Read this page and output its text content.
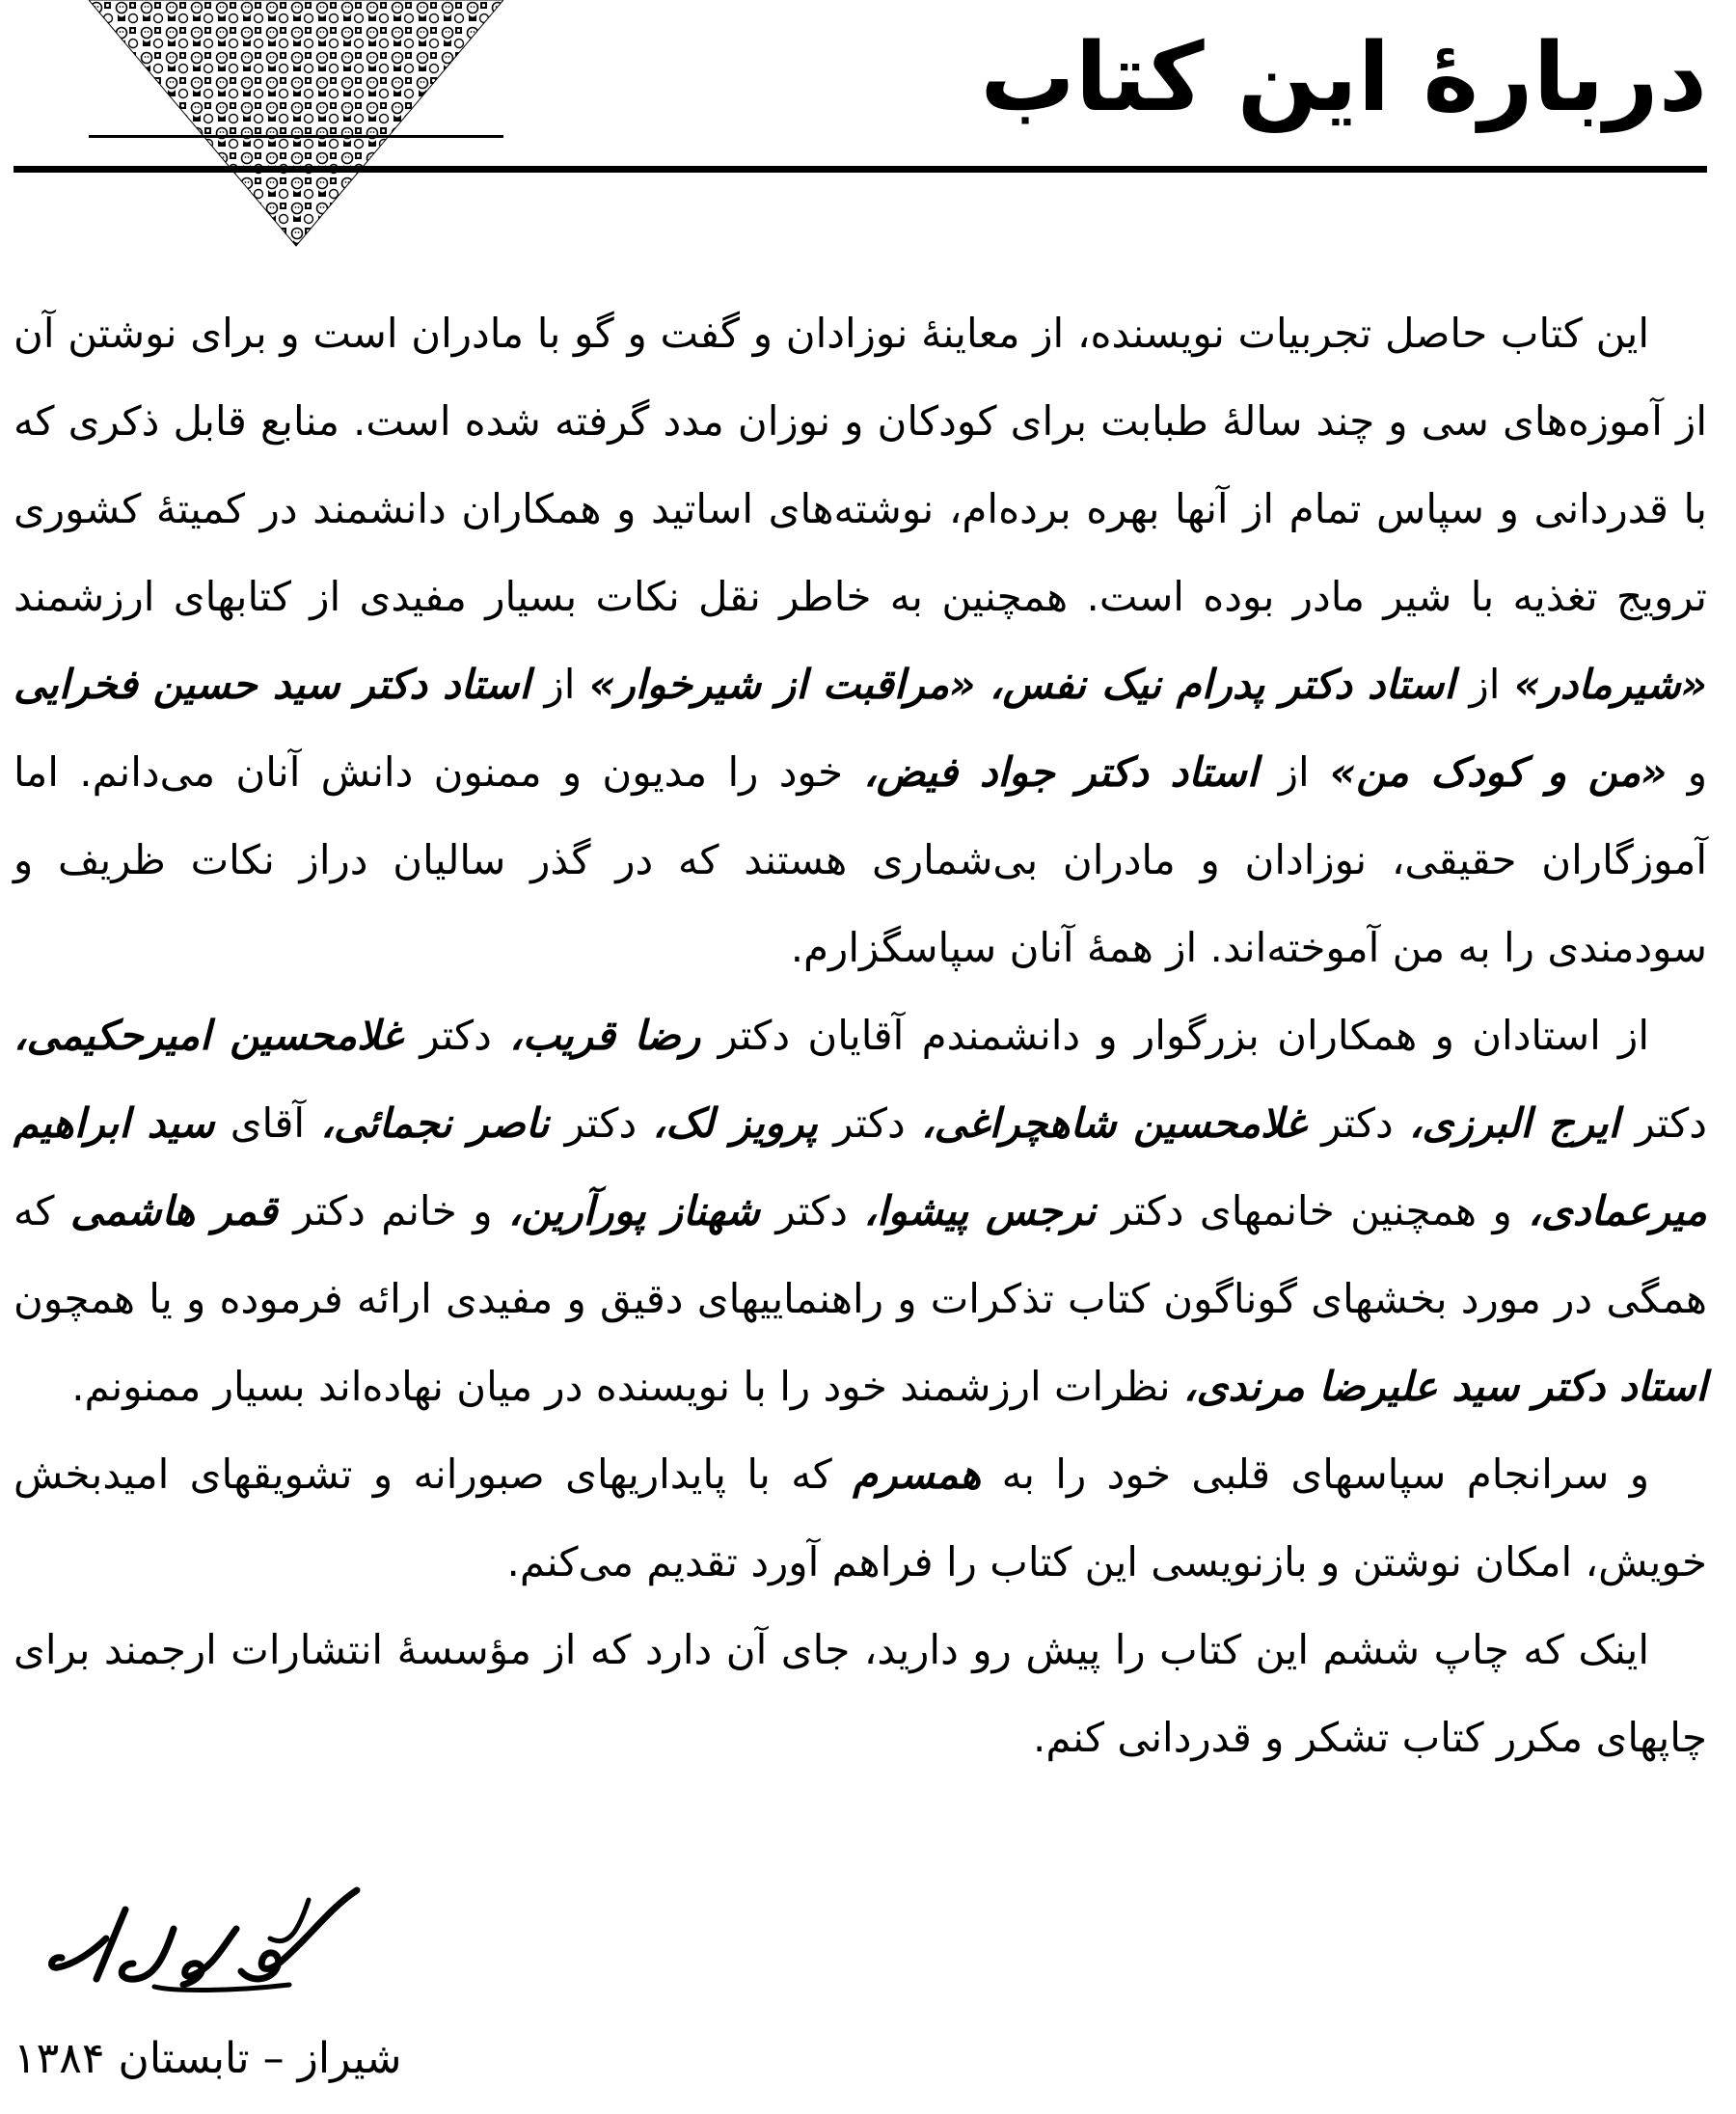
دربارهٔ این کتاب

این کتاب حاصل تجربیات نویسنده، از معاینهٔ نوزادان و گفت و گو با مادران است و برای نوشتن آن از آموزه‌های سی و چند سالهٔ طبابت برای کودکان و نوزان مدد گرفته شده است. منابع قابل ذکری که با قدردانی و سپاس تمام از آنها بهره برده‌ام، نوشته‌های اساتید و همکاران دانشمند در کمیتهٔ کشوری ترویج تغذیه با شیر مادر بوده است. همچنین به خاطر نقل نکات بسیار مفیدی از کتابهای ارزشمند «شیرمادر» از استاد دکتر پدرام نیک نفس، «مراقبت از شیرخوار» از استاد دکتر سید حسین فخرایی و «من و کودک من» از استاد دکتر جواد فیض، خود را مدیون و ممنون دانش آنان می‌دانم. اما آموزگاران حقیقی، نوزادان و مادران بی‌شماری هستند که در گذر سالیان دراز نکات ظریف و سودمندی را به من آموخته‌اند. از همهٔ آنان سپاسگزارم.

از استادان و همکاران بزرگوار و دانشمندم آقایان دکتر رضا قریب، دکتر غلامحسین امیرحکیمی، دکتر ایرج البرزی، دکتر غلامحسین شاهچراغی، دکتر پرویز لک، دکتر ناصر نجمائی، آقای سید ابراهیم میرعمادی، و همچنین خانمهای دکتر نرجس پیشوا، دکتر شهناز پورآرین، و خانم دکتر قمر هاشمی که همگی در مورد بخشهای گوناگون کتاب تذکرات و راهنماییهای دقیق و مفیدی ارائه فرموده و یا همچون استاد دکتر سید علیرضا مرندی، نظرات ارزشمند خود را با نویسنده در میان نهاده‌اند بسیار ممنونم.

و سرانجام سپاسهای قلبی خود را به همسرم که با پایداریهای صبورانه و تشویقهای امیدبخش خویش، امکان نوشتن و بازنویسی این کتاب را فراهم آورد تقدیم می‌کنم.

اینک که چاپ ششم این کتاب را پیش رو دارید، جای آن دارد که از مؤسسهٔ انتشارات ارجمند برای چاپهای مکرر کتاب تشکر و قدردانی کنم.

شیراز – تابستان ۱۳۸۴
